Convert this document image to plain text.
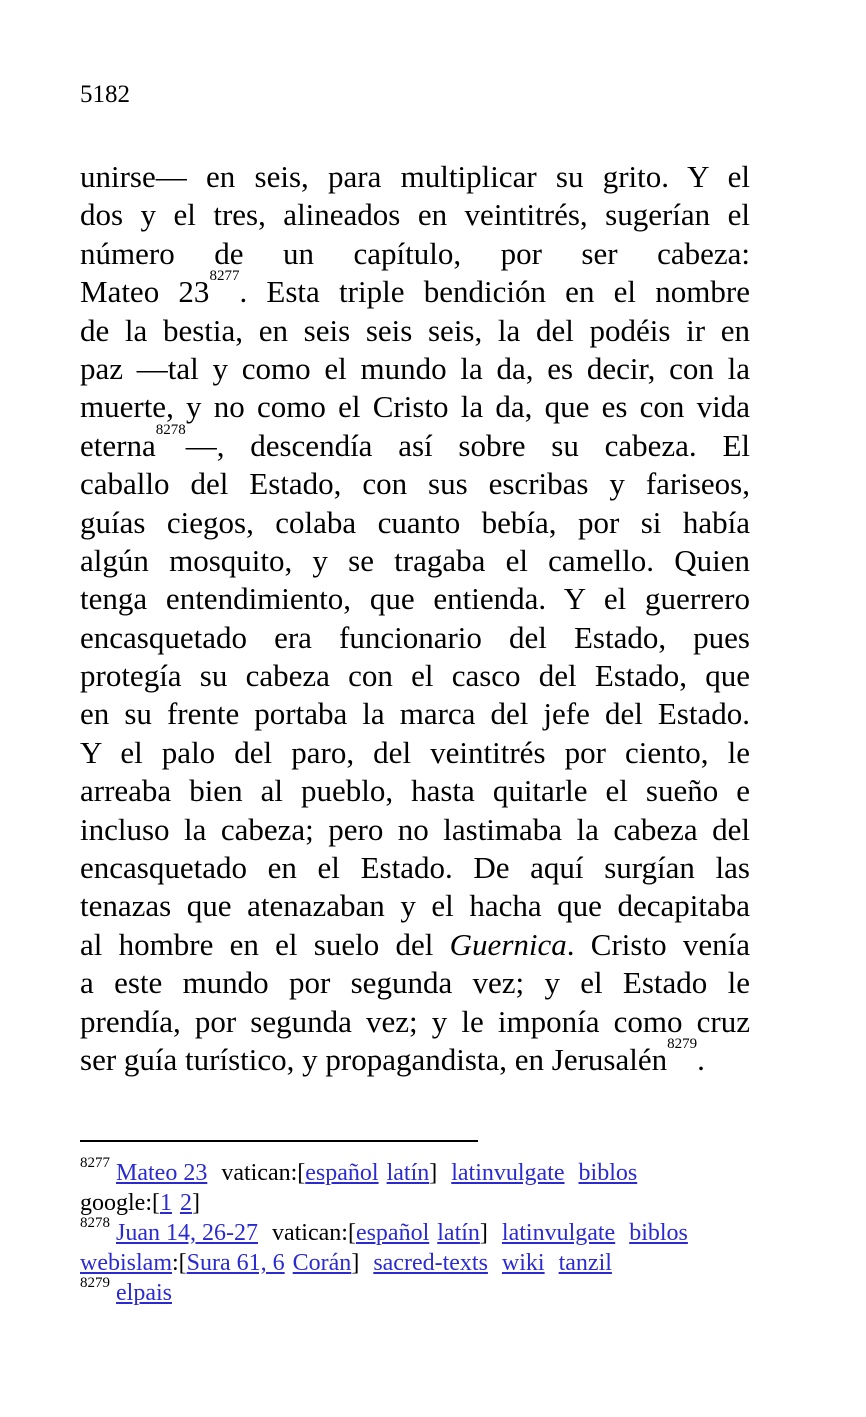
5182
unirse— en seis, para multiplicar su grito. Y el
dos y el tres, alineados en veintitrés, sugerían el
número de un capítulo, por ser cabeza:
Mateo 23$^{8277}$. Esta triple bendición en el nombre
de la bestia, en seis seis seis, la del podéis ir en
paz —tal y como el mundo la da, es decir, con la
muerte, y no como el Cristo la da, que es con vida
eterna$^{8278}$—, descendía así sobre su cabeza. El
caballo del Estado, con sus escribas y fariseos,
guías ciegos, colaba cuanto bebía, por si había
algún mosquito, y se tragaba el camello. Quien
tenga entendimiento, que entienda. Y el guerrero
encasquetado era funcionario del Estado, pues
protegía su cabeza con el casco del Estado, que
en su frente portaba la marca del jefe del Estado.
Y el palo del paro, del veintitrés por ciento, le
arreaba bien al pueblo, hasta quitarle el sueño e
incluso la cabeza; pero no lastimaba la cabeza del
encasquetado en el Estado. De aquí surgían las
tenazas que atenazaban y el hacha que decapitaba
al hombre en el suelo del Guernica. Cristo venía
a este mundo por segunda vez; y el Estado le
prendía, por segunda vez; y le imponía como cruz
ser guía turístico, y propagandista, en Jerusalén$^{8279}$.
$^{8277}$ Mateo 23 vatican:[español latín] latinvulgate biblos
google:[1 2]
$^{8278}$ Juan 14, 26-27 vatican:[español latín] latinvulgate biblos
webislam:[Sura 61, 6 Corán] sacred-texts wiki tanzil
$^{8279}$ elpais
